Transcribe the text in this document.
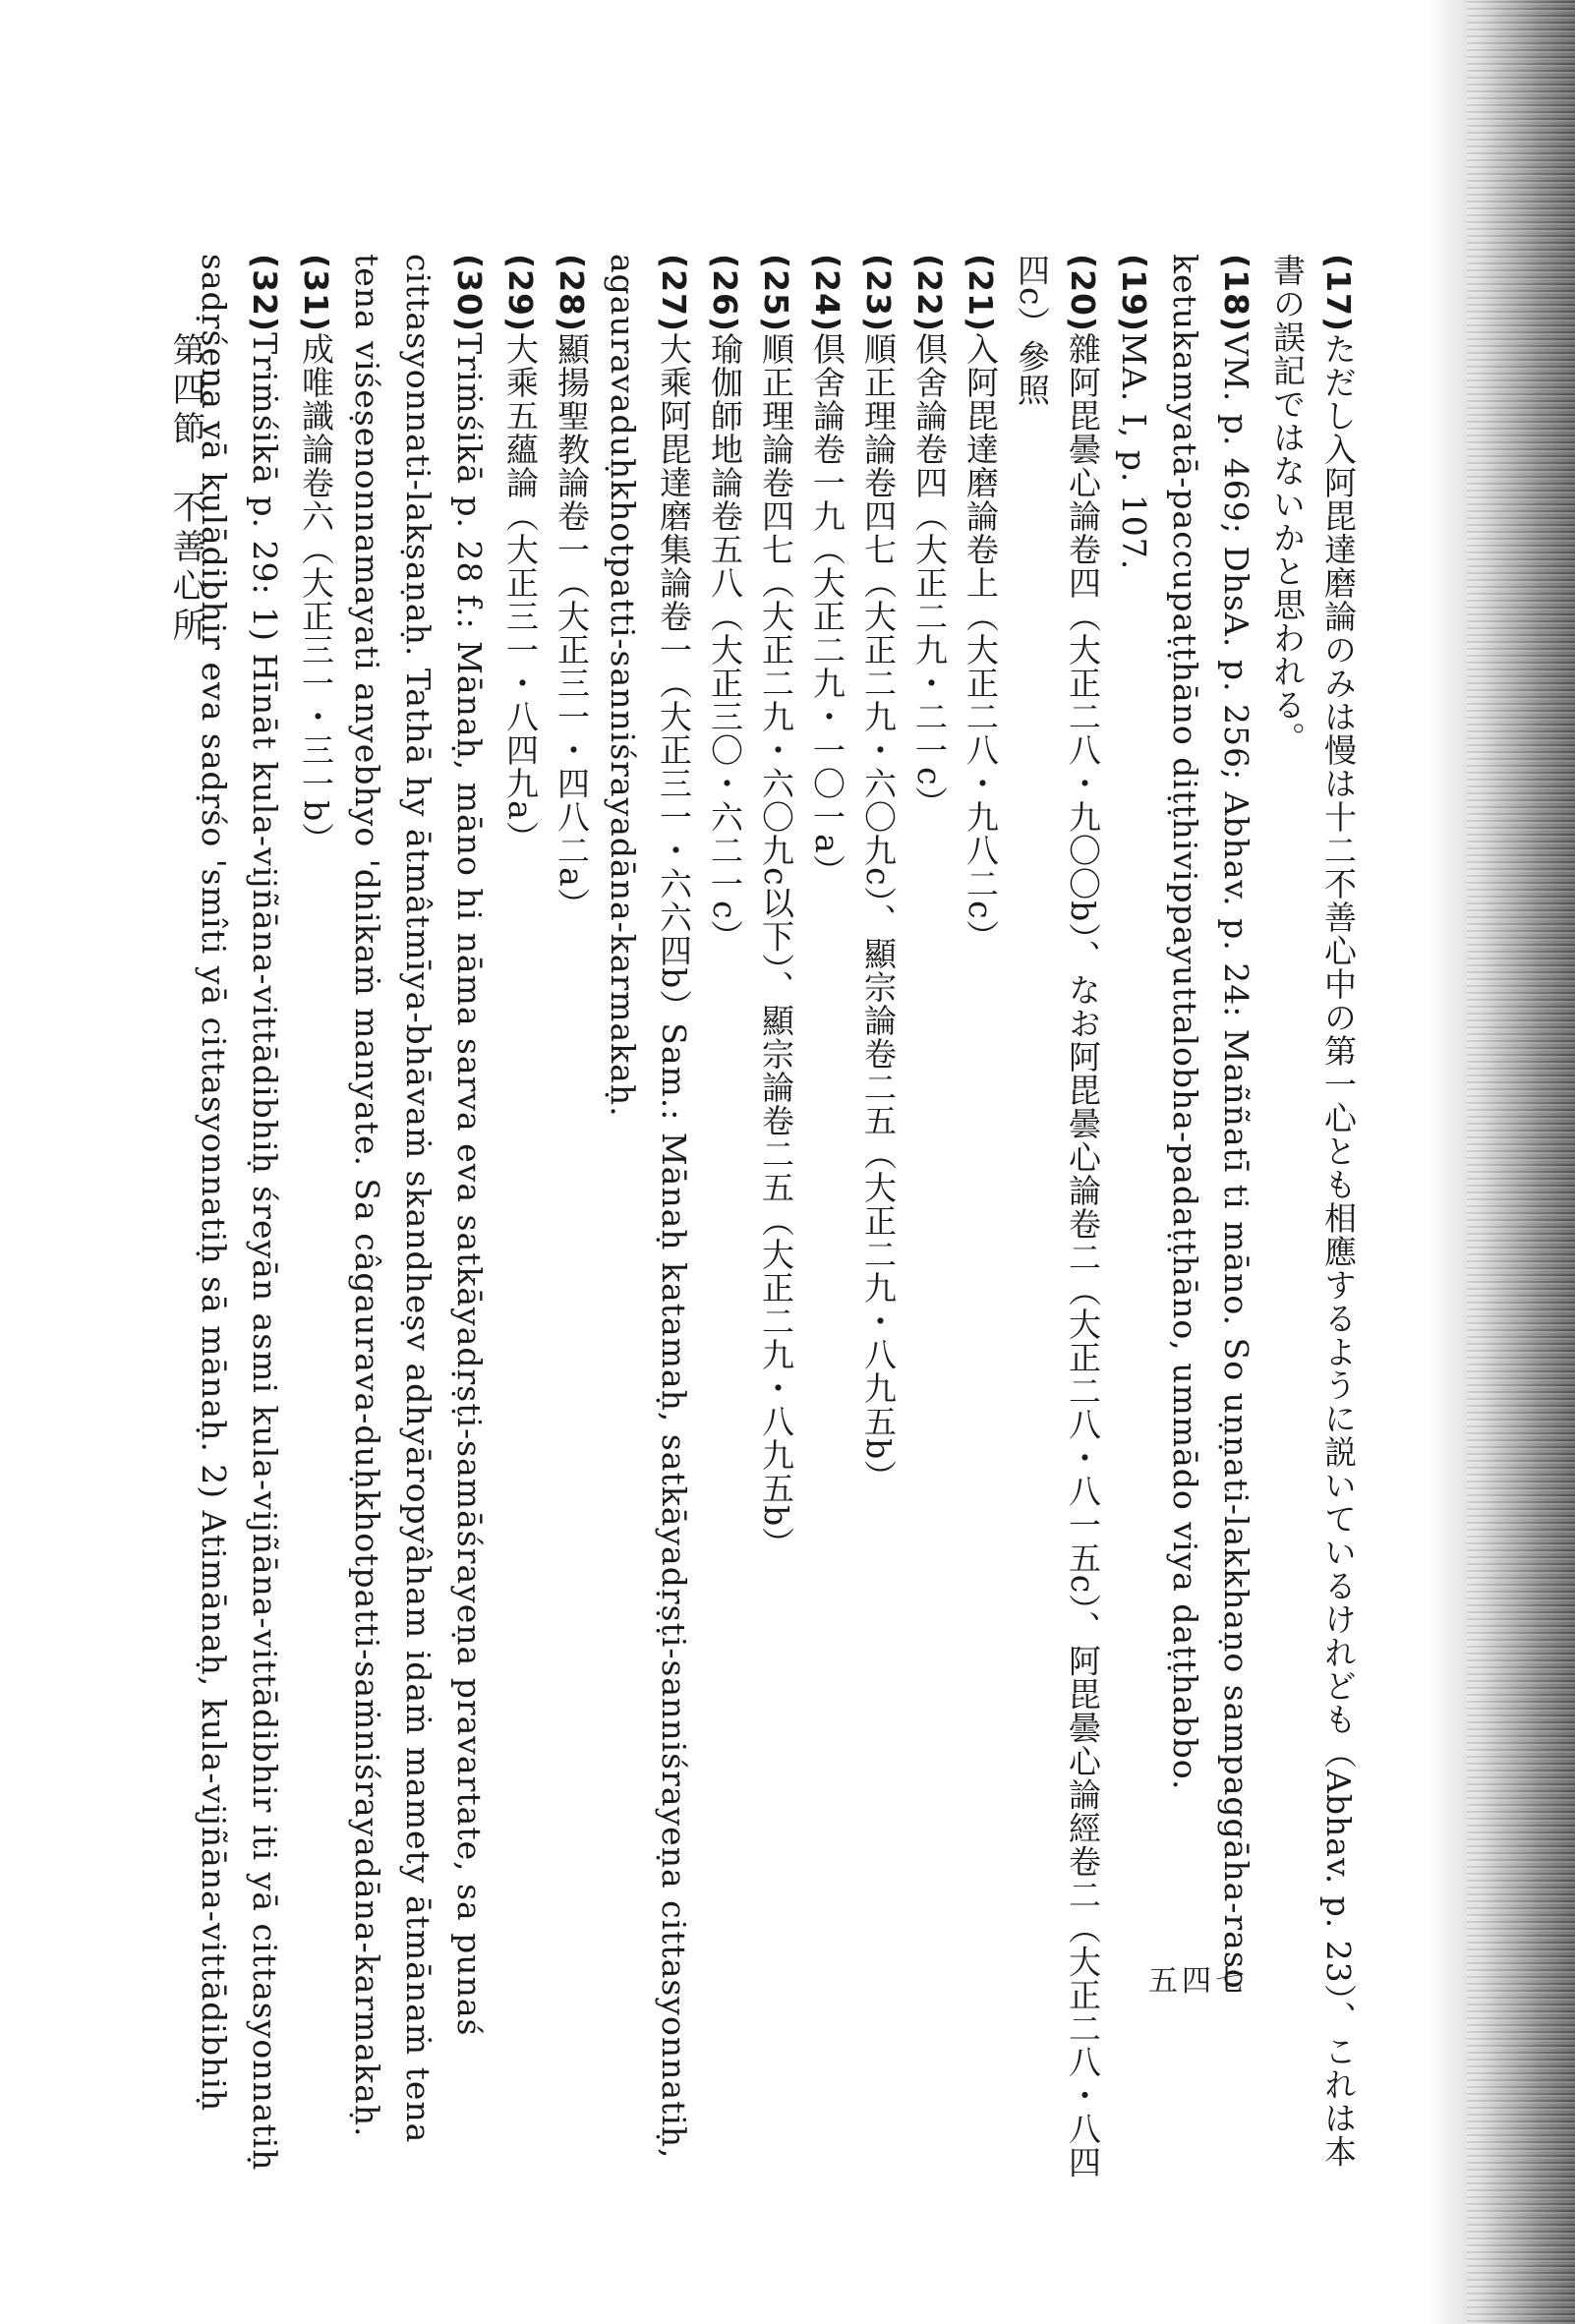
(17)ただし入阿毘達磨論のみは慢は十二不善心中の第一心とも相應するように説いているけれども（Abhav. p. 23）、これは本書の誤記ではないかと思われる。

(18)VM. p. 469; DhsA. p. 256; Abhav. p. 24: Maññatī ti māno. So uṇṇati-lakkhaṇo sampaggāha-raso ketukamyatā-paccupaṭṭhāno diṭṭhivippayuttalobha-padaṭṭhāno, ummādo viya daṭṭhabbo.

(19)MA. I, p. 107.

(20)雜阿毘曇心論卷四（大正二八・九〇〇b）、なお阿毘曇心論卷二（大正二八・八一五c）、阿毘曇心論經卷二（大正二八・八四四c）參照

(21)入阿毘達磨論卷上（大正二八・九八二c）

(22)倶舍論卷四（大正二九・二一c）

(23)順正理論卷四七（大正二九・六〇九c）、顯宗論卷二五（大正二九・八九五b）

(24)倶舍論卷一九（大正二九・一〇一a）

(25)順正理論卷四七（大正二九・六〇九c以下）、顯宗論卷二五（大正二九・八九五b）

(26)瑜伽師地論卷五八（大正三〇・六二一c）

(27)大乘阿毘達磨集論卷一（大正三一・六六四b）Sam.: Mānaḥ katamaḥ, satkāyadṛṣṭi-sanniśrayeṇa cittasyonnatiḥ, agauravaduḥkhotpatti-sanniśrayadāna-karmakaḥ.

(28)顯揚聖教論卷一（大正三一・四八二a）

(29)大乘五蘊論（大正三一・八四九a）

(30)Triṁśikā p. 28 f.: Mānaḥ, māno hi nāma sarva eva satkāyadṛṣṭi-samāśrayeṇa pravartate, sa punaś cittasyonnati-lakṣaṇaḥ. Tathā hy ātmâtmīya-bhāvaṁ skandheṣv adhyāropyâham idaṁ mamety ātmānaṁ tena tena viśeṣenonnamayati anyebhyo 'dhikaṁ manyate. Sa câgaurava-duḥkhotpatti-saṁniśrayadāna-karmakaḥ.

(31)成唯識論卷六（大正三一・三一b）

(32)Triṁśikā p. 29: 1) Hīnāt kula-vijñāna-vittādibhiḥ śreyān asmi kula-vijñāna-vittādibhir iti yā cittasyonnatiḥ sadṛśena vā kulādibhir eva sadṛśo 'smîti yā cittasyonnatiḥ sā mānaḥ. 2) Atimānaḥ, kula-vijñāna-vittādibhiḥ

第四節　不善心所
五四七
